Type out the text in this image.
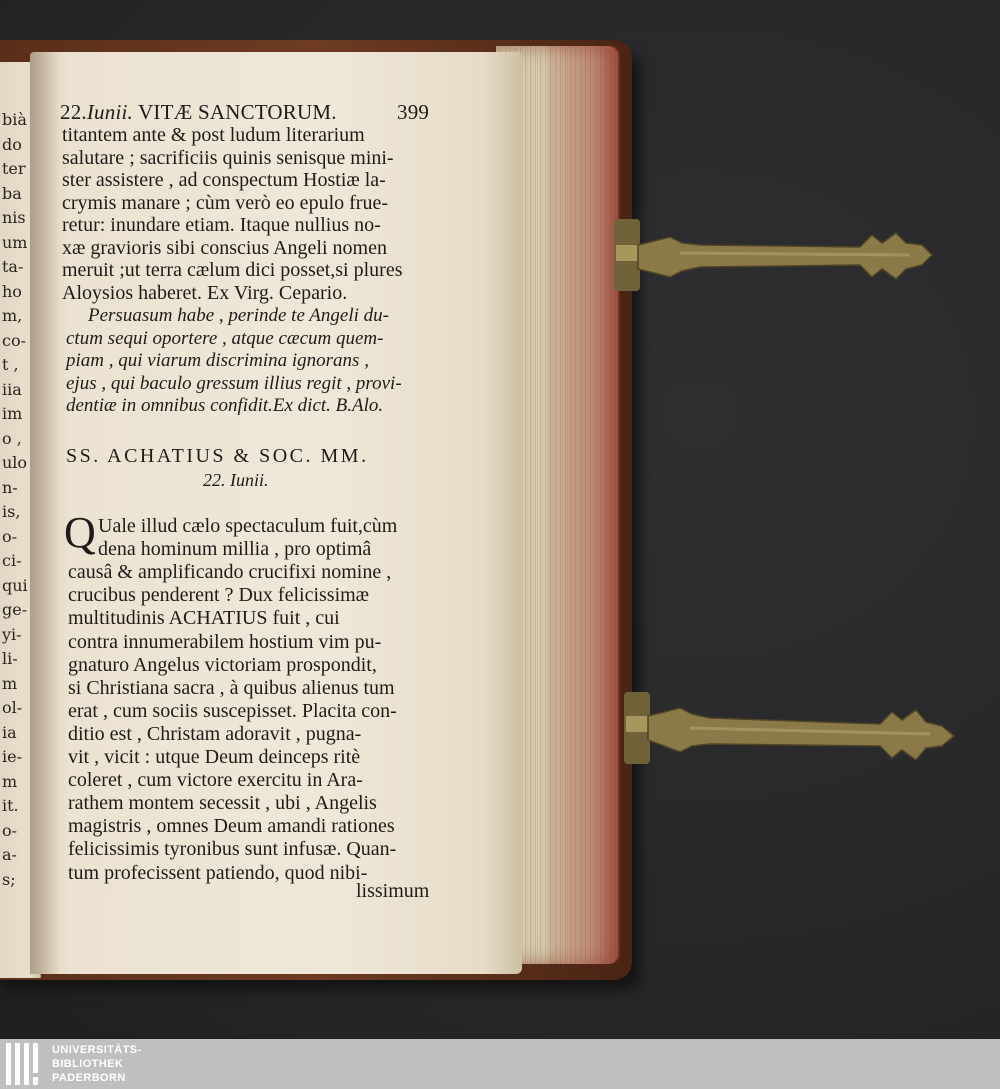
bià
do
ter
ba
nis
um
ta-
ho
m,
co-
t ,
iia
im
o ,
ulo
n-
is,
o-
ci-
qui
ge-
yi-
li-
m
ol-
ia
ie-
m
it.
o-
a-
s;
22.Iunii. VITÆ SANCTORUM.	399
titantem ante & post ludum literarium
salutare ; sacrificiis quinis senisque mini-
ster assistere , ad conspectum Hostiæ la-
crymis manare ; cùm verò eo epulo frue-
retur: inundare etiam. Itaque nullius no-
xæ gravioris sibi conscius Angeli nomen
meruit ;ut terra cælum dici posset,si plures
Aloysios haberet. Ex Virg. Cepario.
Persuasum habe , perinde te Angeli du-
ctum sequi oportere , atque cæcum quem-
piam , qui viarum discrimina ignorans ,
ejus , qui baculo gressum illius regit , provi-
dentiæ in omnibus confidit.Ex dict. B.Alo.
SS. ACHATIUS & SOC. MM.
22. Iunii.
Q Uale illud cælo spectaculum fuit,cùm
dena hominum millia , pro optimâ
causâ & amplificando crucifixi nomine ,
crucibus penderent ? Dux felicissimæ
multitudinis ACHATIUS fuit , cui
contra innumerabilem hostium vim pu-
gnaturo Angelus victoriam prospondit,
si Christiana sacra , à quibus alienus tum
erat , cum sociis suscepisset. Placita con-
ditio est , Christam adoravit , pugna-
vit , vicit : utque Deum deinceps ritè
coleret , cum victore exercitu in Ara-
rathem montem secessit , ubi , Angelis
magistris , omnes Deum amandi rationes
felicissimis tyronibus sunt infusæ. Quan-
tum profecissent patiendo, quod nibi-
lissimum
UNIVERSITÄTS-
BIBLIOTHEK
PADERBORN
